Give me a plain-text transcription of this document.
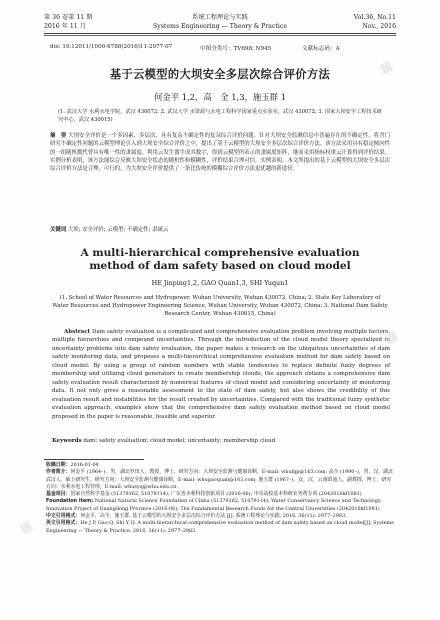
第 36 卷第 11 期	系统工程理论与实践	Vol.36, No.11
2016 年 11 月	Systems Engineering — Theory & Practice	Nov., 2016
doi: 10.12011/1000-6788(2016)11-2977-07	中图分类号：TV698; N945	文献标志码：A
基于云模型的大坝安全多层次综合评价方法
何金平 1,2，高　全 1,3，施玉群 1
(1. 武汉大学 水利水电学院，武汉 430072; 2. 武汉大学 水资源与水电工程科学国家重点实验室，武汉 430072; 3. 国家大坝安全工程技术研究中心，武汉 430015)
摘　要 大坝安全评价是一个多因素、多层次、具有复杂不确定性的复杂综合评价问题。针对大坝安全监测信息中普遍存在的不确定性，将含门研究不确定性问题的云模型理论引入到大坝安全综合评价之中，提出了基于云模型的大坝安全多层次综合评价方法。该方法采用具有稳定倾向性的一组随机数代替具有唯一性的隶属度，利用云发生器生成其数字，得到云模型所表示的隶属度矩阵，继而采用指标权重云计算得到评价结果。实例分析表明，该方法能综合反映大坝安全状态的随机性和模糊性，评价结果合理可信。实例表明，本文所提出的基于云模型的大坝安全多层次综合评价方法是合理、可行的，为大坝安全评价提供了一条比传统的模糊综合评价方法更优越的新途径。
关键词 大坝; 安全评价; 云模型; 不确定性; 隶属云
A multi-hierarchical comprehensive evaluation method of dam safety based on cloud model
HE Jinping1,2, GAO Quan1,3, SHI Yuqun1
(1. School of Water Resources and Hydropower, Wuhan University, Wuhan 430072, China; 2. State Key Laboratory of Water Resources and Hydropower Engineering Science, Wuhan University, Wuhan 430072, China; 3. National Dam Safety Research Center, Wuhan 430015, China)
Abstract Dam safety evaluation is a complicated and comprehensive evaluation problem involving multiple factors, multiple hierarchies and compound uncertainties. Through the introduction of the cloud model theory specialized in uncertainty problems into dam safety evaluation, the paper makes a research on the ubiquitous uncertainties of dam safety monitoring data, and proposes a multi-hierarchical comprehensive evaluation method for dam safety based on cloud model. By using a group of random numbers with stable tendencies to replace definite fuzzy degrees of membership and utilizing cloud generators to create membership clouds, the approach obtains a comprehensive dam safety evaluation result characterized by numerical features of cloud model and considering uncertainty of monitoring data. It not only gives a reasonable assessment to the state of dam safety, but also shows the credibility of this evaluation result and instabilities for the result created by uncertainties. Compared with the traditional fuzzy synthetic evaluation approach, examples show that the comprehensive dam safety evaluation method based on cloud model proposed in the paper is reasonable, feasible and superior.
Keywords dam; safety evaluation; cloud model; uncertainty; membership cloud
收稿日期：2016-01-04
作者简介：何金平 (1964–)，男，湖北罗田人，教授，博士，研究方向：大坝安全监测与健康诊断，E-mail: whuhjp@163.com; 高全 (1990–)，男，汉，湖北武汉人，硕士研究生，研究方向：大坝安全监测与健康诊断，E-mail: whugaoquan@163.com; 施玉群 (1967–)，女，汉，云南昭通人，副教授，博士，研究方向：水利水电工程管理，E-mail: whusyq@whu.edu.cn.
基金项目：国家自然科学基金 (51379162, 51079114); 广东省水利科技创新项目 (2016-06); 中央高校基本科研业务费专项 (2042016kf1081)
Foundation item: National Natural Science Foundation of China (51379162, 51079114); Water Conservancy Science and Technology Innovation Project of Guangdong Province (2016-06); The Fundamental Research Funds for the Central Universities (2042016kf1081)
中文引用格式：何金平，高全，施玉群. 基于云模型的大坝安全多层次综合评价方法 [J]. 系统工程理论与实践, 2016, 36(11): 2977–2983.
英文引用格式：He J P, Gao Q, Shi Y Q. A multi-hierarchical comprehensive evaluation method of dam safety based on cloud model[J]. Systems Engineering — Theory & Practice, 2016, 36(11): 2977–2983.
▦
▦
▦
